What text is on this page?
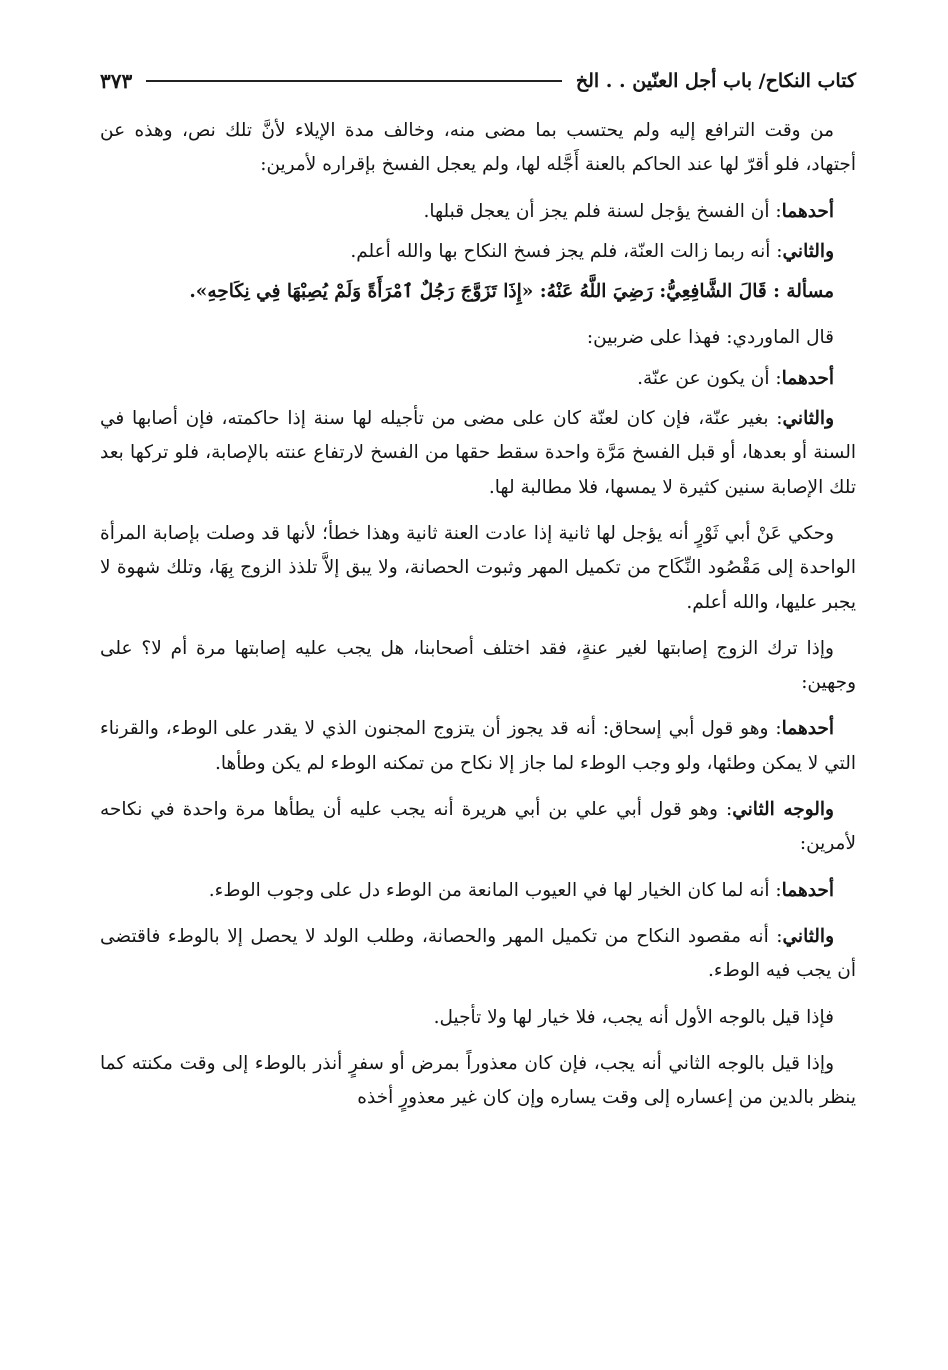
كتاب النكاح/ باب أجل العنّين . . الخ
٣٧٣

من وقت الترافع إليه ولم يحتسب بما مضى منه، وخالف مدة الإيلاء لأنَّ تلك نص، وهذه عن أجتهاد، فلو أقرّ لها عند الحاكم بالعنة أَجَّله لها، ولم يعجل الفسخ بإقراره لأمرين:

أحدهما: أن الفسخ يؤجل لسنة فلم يجز أن يعجل قبلها.

والثاني: أنه ربما زالت العنّة، فلم يجز فسخ النكاح بها والله أعلم.

مسألة : قَالَ الشَّافِعِيُّ: رَضِيَ اللَّهُ عَنْهُ: «إِذَا تَزَوَّجَ رَجُلٌ ٱمْرَأَةً وَلَمْ يُصِبْهَا فِي نِكَاحِهِ».

قال الماوردي: فهذا على ضربين:

أحدهما: أن يكون عن عنّة.

والثاني: بغير عنّة، فإن كان لعنّة كان على مضى من تأجيله لها سنة إذا حاكمته، فإن أصابها في السنة أو بعدها، أو قبل الفسخ مَرَّة واحدة سقط حقها من الفسخ لارتفاع عنته بالإصابة، فلو تركها بعد تلك الإصابة سنين كثيرة لا يمسها، فلا مطالبة لها.

وحكي عَنْ أبي ثَوْرٍ أنه يؤجل لها ثانية إذا عادت العنة ثانية وهذا خطأ؛ لأنها قد وصلت بإصابة المرأة الواحدة إلى مَقْصُود النِّكَاح من تكميل المهر وثبوت الحصانة، ولا يبق إلاَّ تلذذ الزوج بِهَا، وتلك شهوة لا يجبر عليها، والله أعلم.

وإذا ترك الزوج إصابتها لغير عنةٍ، فقد اختلف أصحابنا، هل يجب عليه إصابتها مرة أم لا؟ على وجهين:

أحدهما: وهو قول أبي إسحاق: أنه قد يجوز أن يتزوج المجنون الذي لا يقدر على الوطء، والقرناء التي لا يمكن وطئها، ولو وجب الوطء لما جاز إلا نكاح من تمكنه الوطء لم يكن وطأها.

والوجه الثاني: وهو قول أبي علي بن أبي هريرة أنه يجب عليه أن يطأها مرة واحدة في نكاحه لأمرين:

أحدهما: أنه لما كان الخيار لها في العيوب المانعة من الوطء دل على وجوب الوطء.

والثاني: أنه مقصود النكاح من تكميل المهر والحصانة، وطلب الولد لا يحصل إلا بالوطء فاقتضى أن يجب فيه الوطء.

فإذا قيل بالوجه الأول أنه يجب، فلا خيار لها ولا تأجيل.

وإذا قيل بالوجه الثاني أنه يجب، فإن كان معذوراً بمرض أو سفرٍ أنذر بالوطء إلى وقت مكنته كما ينظر بالدين من إعساره إلى وقت يساره وإن كان غير معذورٍ أخذه
